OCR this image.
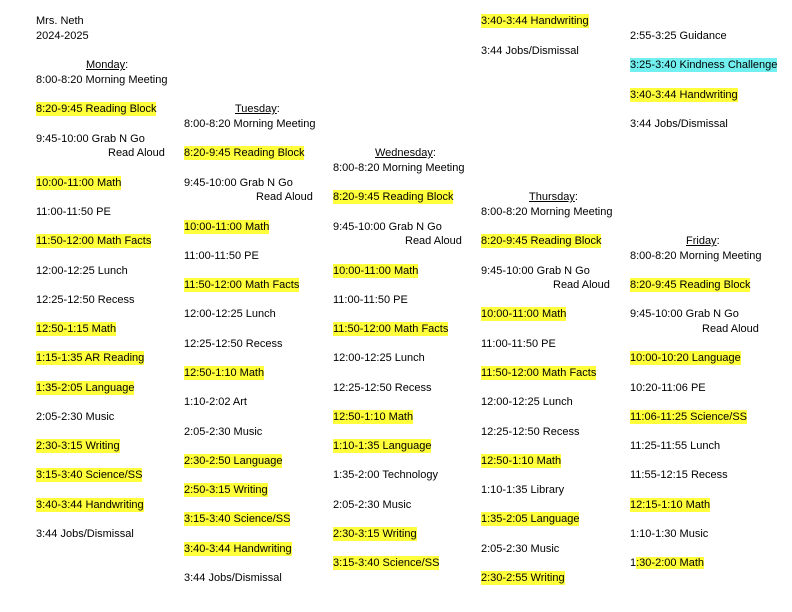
Mrs. Neth
2024-2025
Monday:
8:00-8:20 Morning Meeting
8:20-9:45 Reading Block
9:45-10:00 Grab N Go
Read Aloud
10:00-11:00 Math
11:00-11:50 PE
11:50-12:00 Math Facts
12:00-12:25 Lunch
12:25-12:50 Recess
12:50-1:15 Math
1:15-1:35 AR Reading
1:35-2:05 Language
2:05-2:30 Music
2:30-3:15 Writing
3:15-3:40 Science/SS
3:40-3:44 Handwriting
3:44 Jobs/Dismissal
Tuesday:
8:00-8:20 Morning Meeting
8:20-9:45 Reading Block
9:45-10:00 Grab N Go
Read Aloud
10:00-11:00 Math
11:00-11:50 PE
11:50-12:00 Math Facts
12:00-12:25 Lunch
12:25-12:50 Recess
12:50-1:10 Math
1:10-2:02 Art
2:05-2:30 Music
2:30-2:50 Language
2:50-3:15 Writing
3:15-3:40 Science/SS
3:40-3:44 Handwriting
3:44 Jobs/Dismissal
Wednesday:
8:00-8:20 Morning Meeting
8:20-9:45 Reading Block
9:45-10:00 Grab N Go
Read Aloud
10:00-11:00 Math
11:00-11:50 PE
11:50-12:00 Math Facts
12:00-12:25 Lunch
12:25-12:50 Recess
12:50-1:10 Math
1:10-1:35 Language
1:35-2:00 Technology
2:05-2:30 Music
2:30-3:15 Writing
3:15-3:40 Science/SS
Thursday:
8:00-8:20 Morning Meeting
8:20-9:45 Reading Block
9:45-10:00 Grab N Go
Read Aloud
10:00-11:00 Math
11:00-11:50 PE
11:50-12:00 Math Facts
12:00-12:25 Lunch
12:25-12:50 Recess
12:50-1:10 Math
1:10-1:35 Library
1:35-2:05 Language
2:05-2:30 Music
2:30-2:55 Writing
3:40-3:44 Handwriting
3:44 Jobs/Dismissal
2:55-3:25 Guidance
3:25-3:40 Kindness Challenge
3:40-3:44 Handwriting
3:44 Jobs/Dismissal
Friday:
8:00-8:20 Morning Meeting
8:20-9:45 Reading Block
9:45-10:00 Grab N Go
Read Aloud
10:00-10:20 Language
10:20-11:06 PE
11:06-11:25 Science/SS
11:25-11:55 Lunch
11:55-12:15 Recess
12:15-1:10 Math
1:10-1:30 Music
1:30-2:00 Math
